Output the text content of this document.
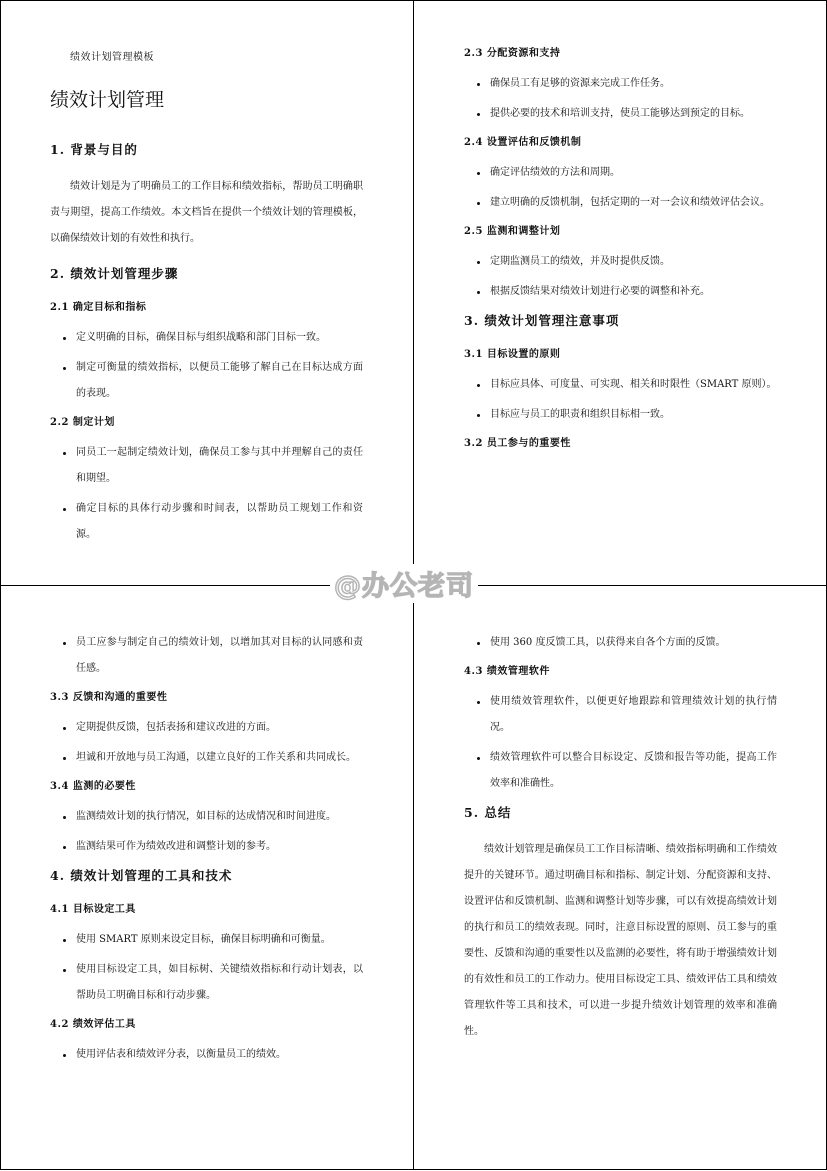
绩效计划管理模板
绩效计划管理
1. 背景与目的

绩效计划是为了明确员工的工作目标和绩效指标，帮助员工明确职责与期望，提高工作绩效。本文档旨在提供一个绩效计划的管理模板，以确保绩效计划的有效性和执行。

2. 绩效计划管理步骤
2.1 确定目标和指标
定义明确的目标，确保目标与组织战略和部门目标一致。
制定可衡量的绩效指标，以便员工能够了解自己在目标达成方面的表现。
2.2 制定计划
同员工一起制定绩效计划，确保员工参与其中并理解自己的责任和期望。
确定目标的具体行动步骤和时间表，以帮助员工规划工作和资源。
2.3 分配资源和支持
确保员工有足够的资源来完成工作任务。
提供必要的技术和培训支持，使员工能够达到预定的目标。
2.4 设置评估和反馈机制
确定评估绩效的方法和周期。
建立明确的反馈机制，包括定期的一对一会议和绩效评估会议。
2.5 监测和调整计划
定期监测员工的绩效，并及时提供反馈。
根据反馈结果对绩效计划进行必要的调整和补充。
3. 绩效计划管理注意事项
3.1 目标设置的原则
目标应具体、可度量、可实现、相关和时限性（SMART 原则）。
目标应与员工的职责和组织目标相一致。
3.2 员工参与的重要性
员工应参与制定自己的绩效计划，以增加其对目标的认同感和责任感。
3.3 反馈和沟通的重要性
定期提供反馈，包括表扬和建议改进的方面。
坦诚和开放地与员工沟通，以建立良好的工作关系和共同成长。
3.4 监测的必要性
监测绩效计划的执行情况，如目标的达成情况和时间进度。
监测结果可作为绩效改进和调整计划的参考。
4. 绩效计划管理的工具和技术
4.1 目标设定工具
使用 SMART 原则来设定目标，确保目标明确和可衡量。
使用目标设定工具，如目标树、关键绩效指标和行动计划表，以帮助员工明确目标和行动步骤。
4.2 绩效评估工具
使用评估表和绩效评分表，以衡量员工的绩效。
使用 360 度反馈工具，以获得来自各个方面的反馈。
4.3 绩效管理软件
使用绩效管理软件，以便更好地跟踪和管理绩效计划的执行情况。
绩效管理软件可以整合目标设定、反馈和报告等功能，提高工作效率和准确性。
5. 总结

绩效计划管理是确保员工工作目标清晰、绩效指标明确和工作绩效提升的关键环节。通过明确目标和指标、制定计划、分配资源和支持、设置评估和反馈机制、监测和调整计划等步骤，可以有效提高绩效计划的执行和员工的绩效表现。同时，注意目标设置的原则、员工参与的重要性、反馈和沟通的重要性以及监测的必要性，将有助于增强绩效计划的有效性和员工的工作动力。使用目标设定工具、绩效评估工具和绩效管理软件等工具和技术，可以进一步提升绩效计划管理的效率和准确性。

@办公老司
